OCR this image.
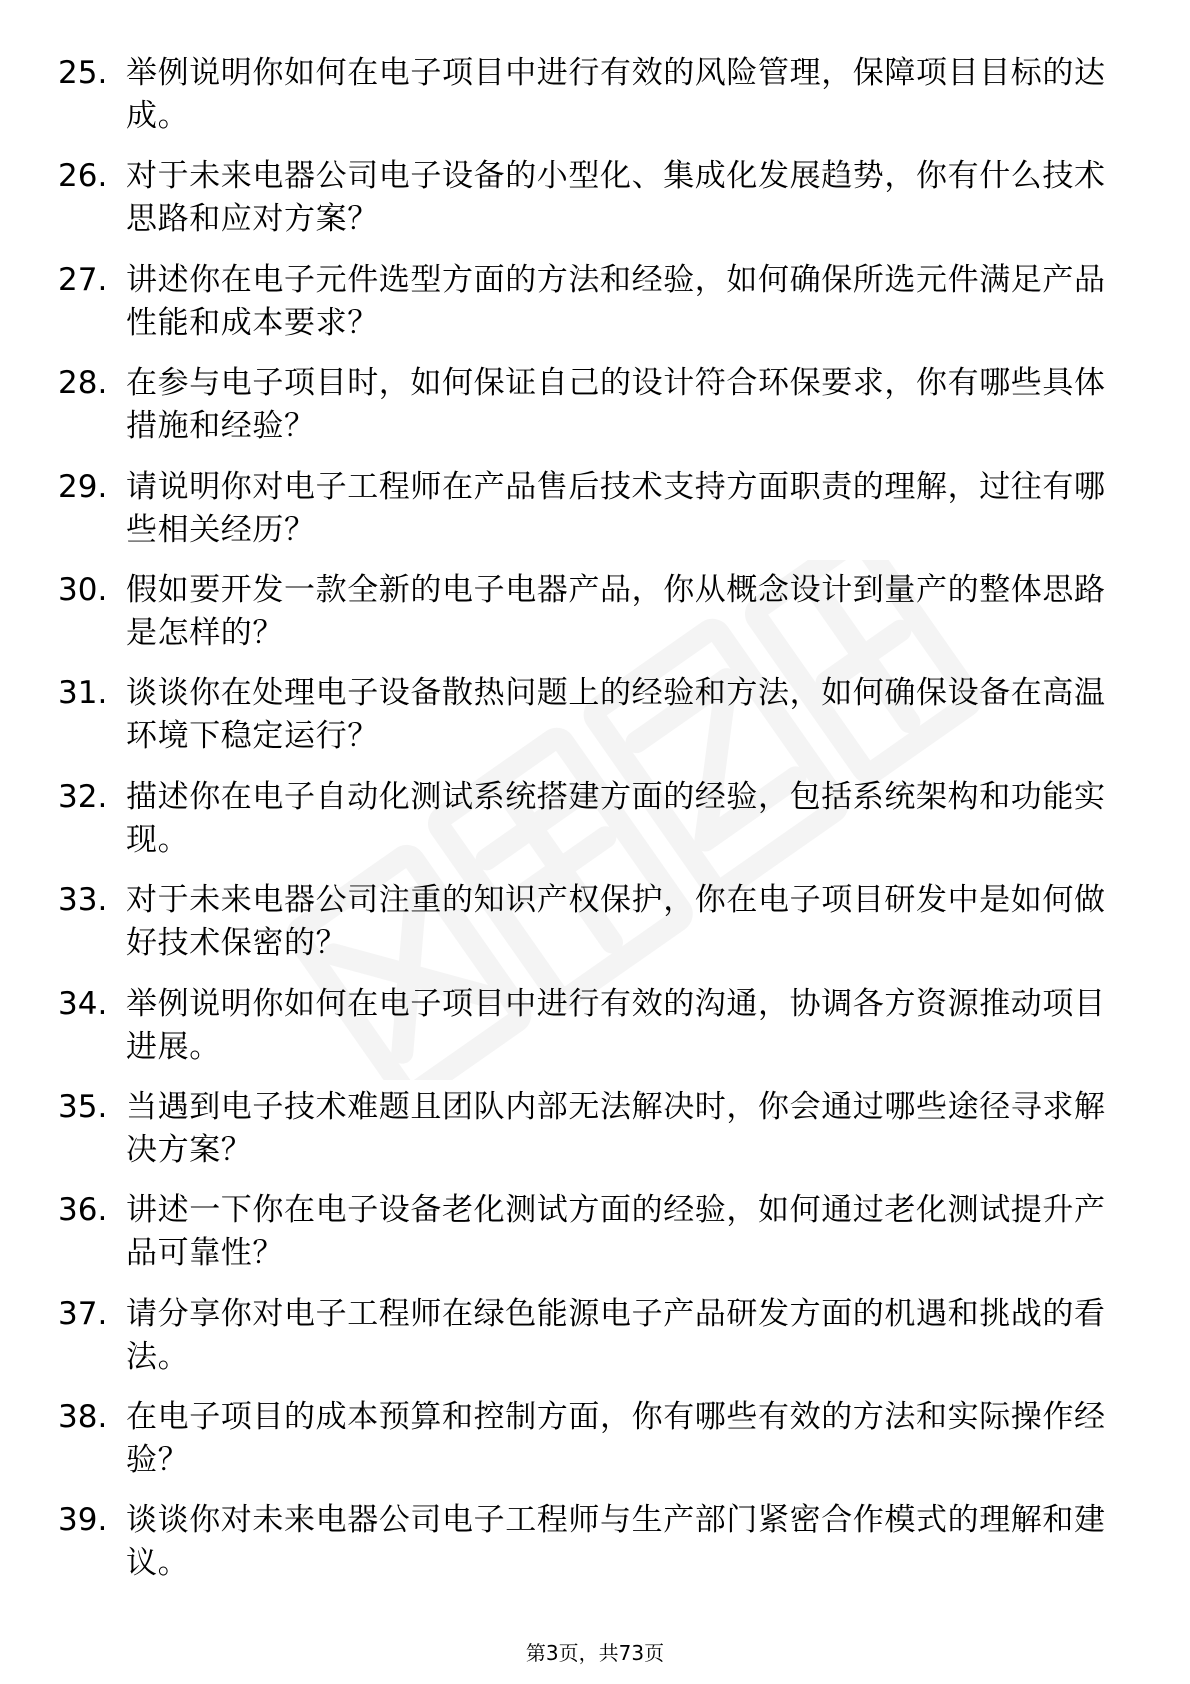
25. 举例说明你如何在电子项目中进行有效的风险管理，保障项目目标的达成。
26. 对于未来电器公司电子设备的小型化、集成化发展趋势，你有什么技术思路和应对方案？
27. 讲述你在电子元件选型方面的方法和经验，如何确保所选元件满足产品性能和成本要求？
28. 在参与电子项目时，如何保证自己的设计符合环保要求，你有哪些具体措施和经验？
29. 请说明你对电子工程师在产品售后技术支持方面职责的理解，过往有哪些相关经历？
30. 假如要开发一款全新的电子电器产品，你从概念设计到量产的整体思路是怎样的？
31. 谈谈你在处理电子设备散热问题上的经验和方法，如何确保设备在高温环境下稳定运行？
32. 描述你在电子自动化测试系统搭建方面的经验，包括系统架构和功能实现。
33. 对于未来电器公司注重的知识产权保护，你在电子项目研发中是如何做好技术保密的？
34. 举例说明你如何在电子项目中进行有效的沟通，协调各方资源推动项目进展。
35. 当遇到电子技术难题且团队内部无法解决时，你会通过哪些途径寻求解决方案？
36. 讲述一下你在电子设备老化测试方面的经验，如何通过老化测试提升产品可靠性？
37. 请分享你对电子工程师在绿色能源电子产品研发方面的机遇和挑战的看法。
38. 在电子项目的成本预算和控制方面，你有哪些有效的方法和实际操作经验？
39. 谈谈你对未来电器公司电子工程师与生产部门紧密合作模式的理解和建议。
第3页，共73页
